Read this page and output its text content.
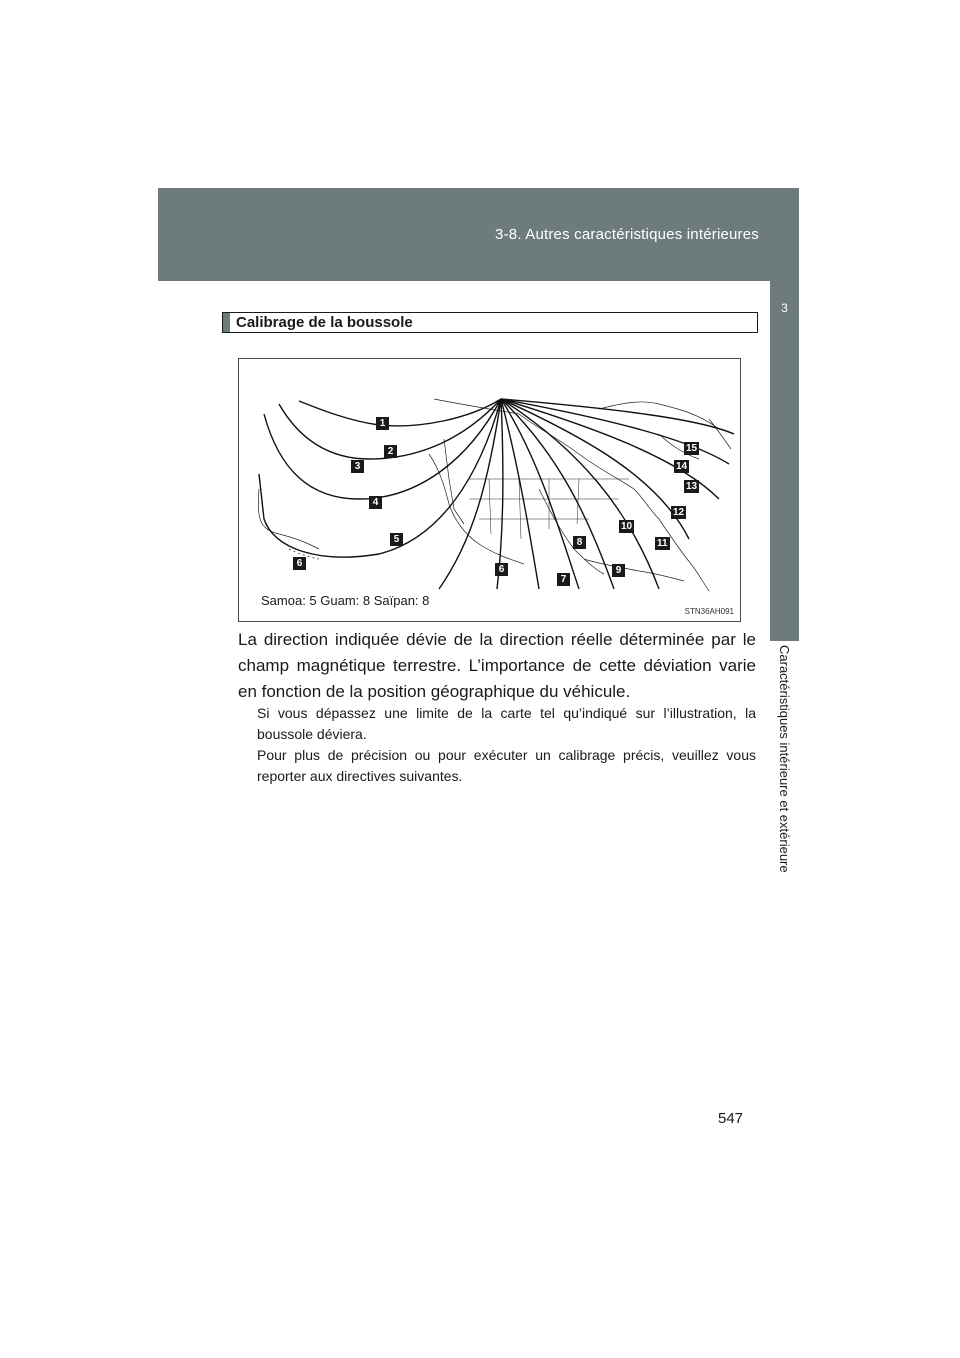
3-8. Autres caractéristiques intérieures
3
Caractéristiques intérieure et extérieure
Calibrage de la boussole
1
2
3
4
5
6
6
7
8
9
10
11
12
13
14
15
Samoa: 5 Guam: 8 Saïpan: 8
STN36AH091

La direction indiquée dévie de la direction réelle déterminée par le champ magnétique terrestre. L’importance de cette déviation varie en fonction de la position géographique du véhicule.

Si vous dépassez une limite de la carte tel qu’indiqué sur l’illustration, la boussole déviera.
Pour plus de précision ou pour exécuter un calibrage précis, veuillez vous reporter aux directives suivantes.
547
